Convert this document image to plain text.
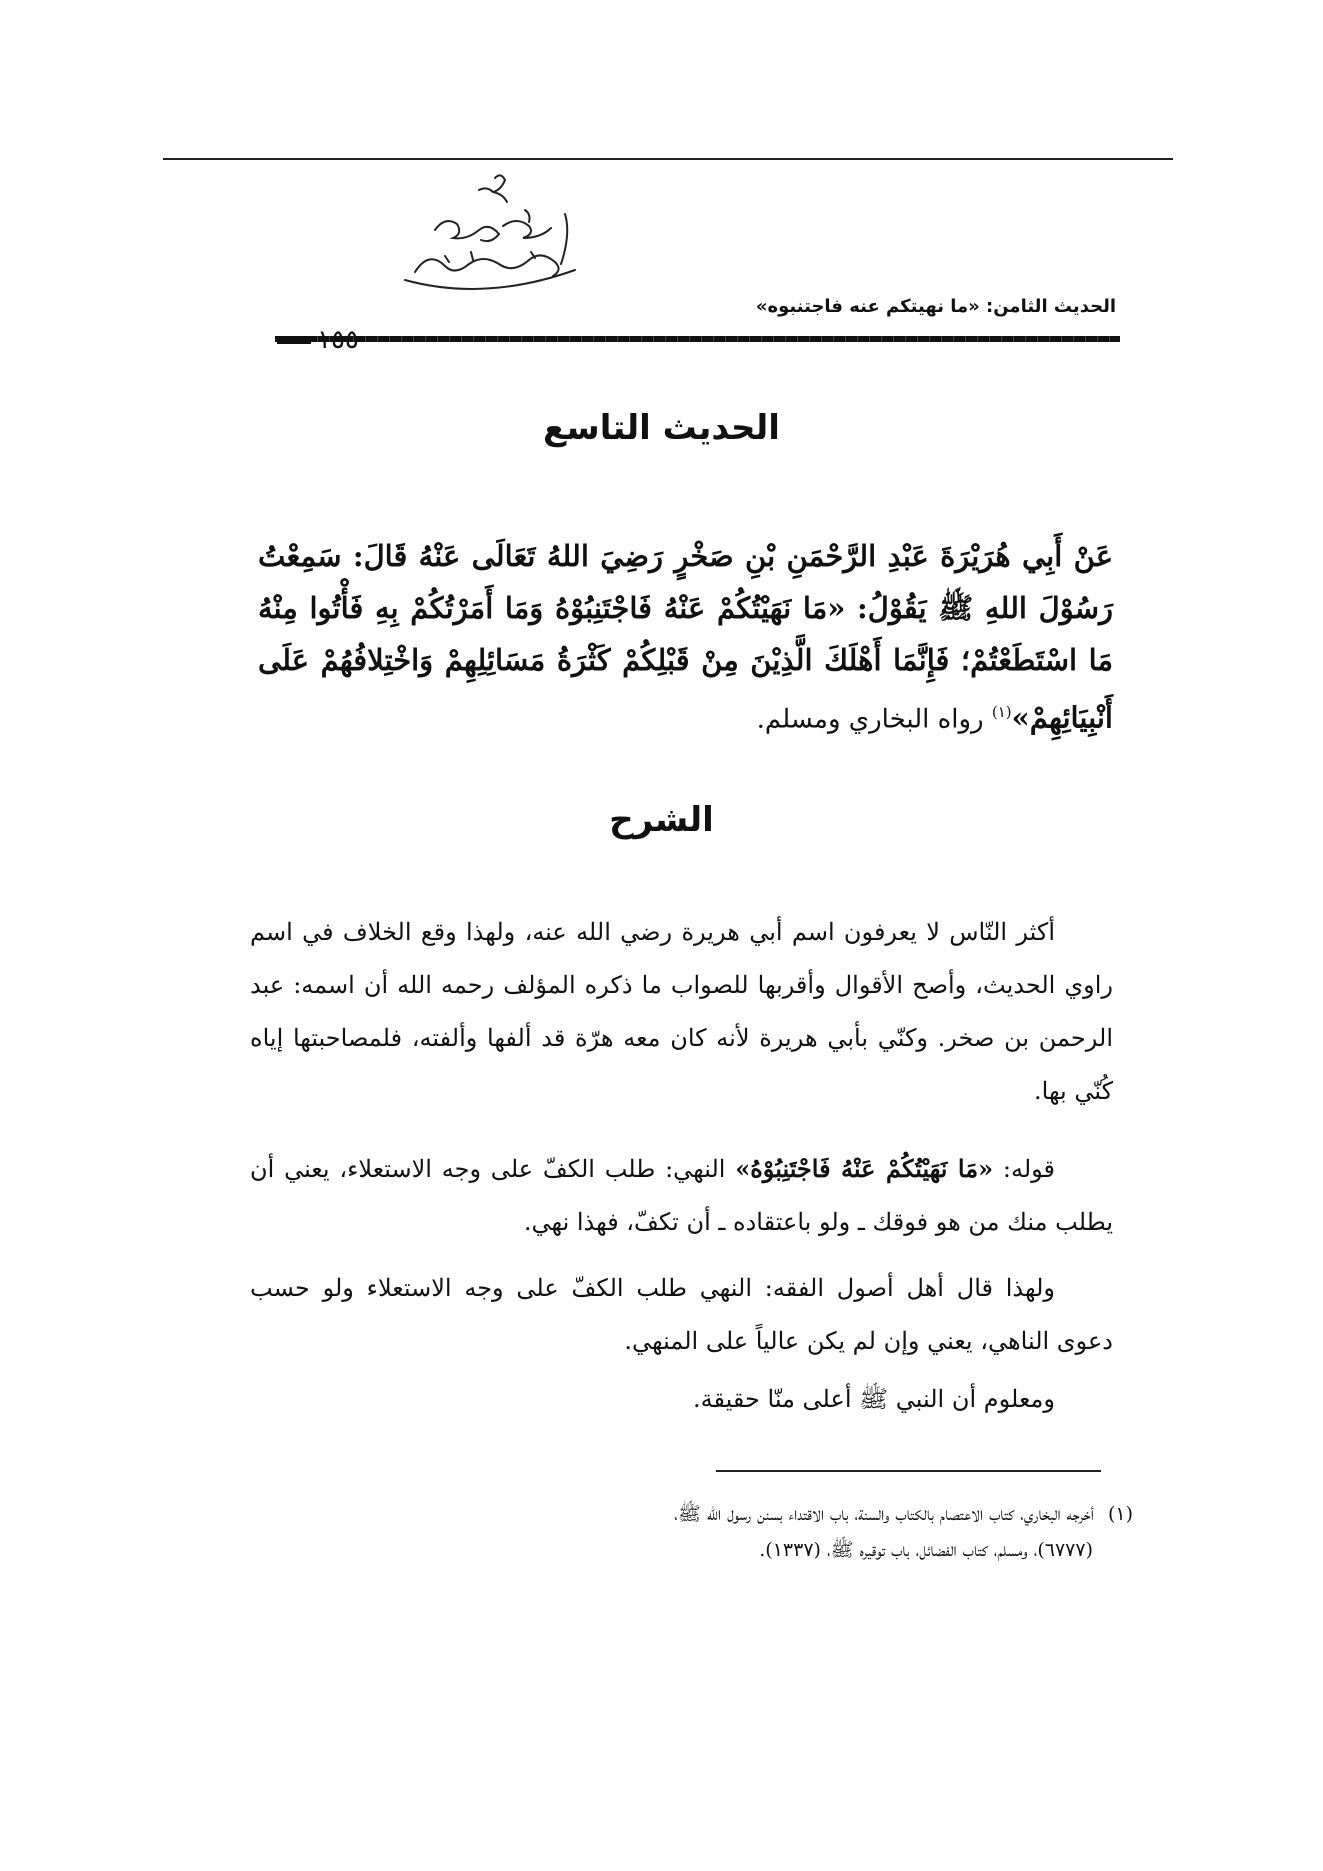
الحديث الثامن: «ما نهيتكم عنه فاجتنبوه»
١٥٥
الحديث التاسع
عَنْ أَبِي هُرَيْرَةَ عَبْدِ الرَّحْمَنِ بْنِ صَخْرٍ رَضِيَ اللهُ تَعَالَى عَنْهُ قَالَ: سَمِعْتُ رَسُوْلَ اللهِ ﷺ يَقُوْلُ: «مَا نَهَيْتُكُمْ عَنْهُ فَاجْتَنِبُوْهُ وَمَا أَمَرْتُكُمْ بِهِ فَأْتُوا مِنْهُ مَا اسْتَطَعْتُمْ؛ فَإِنَّمَا أَهْلَكَ الَّذِيْنَ مِنْ قَبْلِكُمْ كَثْرَةُ مَسَائِلِهِمْ وَاخْتِلافُهُمْ عَلَى أَنْبِيَائِهِمْ»$^{(١)}$ رواه البخاري ومسلم.
الشرح
أكثر النّاس لا يعرفون اسم أبي هريرة رضي الله عنه، ولهذا وقع الخلاف في اسم راوي الحديث، وأصح الأقوال وأقربها للصواب ما ذكره المؤلف رحمه الله أن اسمه: عبد الرحمن بن صخر. وكنّي بأبي هريرة لأنه كان معه هرّة قد ألفها وألفته، فلمصاحبتها إياه كُنّي بها.
قوله: «مَا نَهَيْتُكُمْ عَنْهُ فَاجْتَنِبُوْهُ» النهي: طلب الكفّ على وجه الاستعلاء، يعني أن يطلب منك من هو فوقك ـ ولو باعتقاده ـ أن تكفّ، فهذا نهي.
ولهذا قال أهل أصول الفقه: النهي طلب الكفّ على وجه الاستعلاء ولو حسب دعوى الناهي، يعني وإن لم يكن عالياً على المنهي.
ومعلوم أن النبي ﷺ أعلى منّا حقيقة.
(١)أخرجه البخاري، كتاب الاعتصام بالكتاب والسنة، باب الاقتداء بسنن رسول الله ﷺ،
(٦٧٧٧)، ومسلم، كتاب الفضائل، باب توقيره ﷺ، (١٣٣٧).
